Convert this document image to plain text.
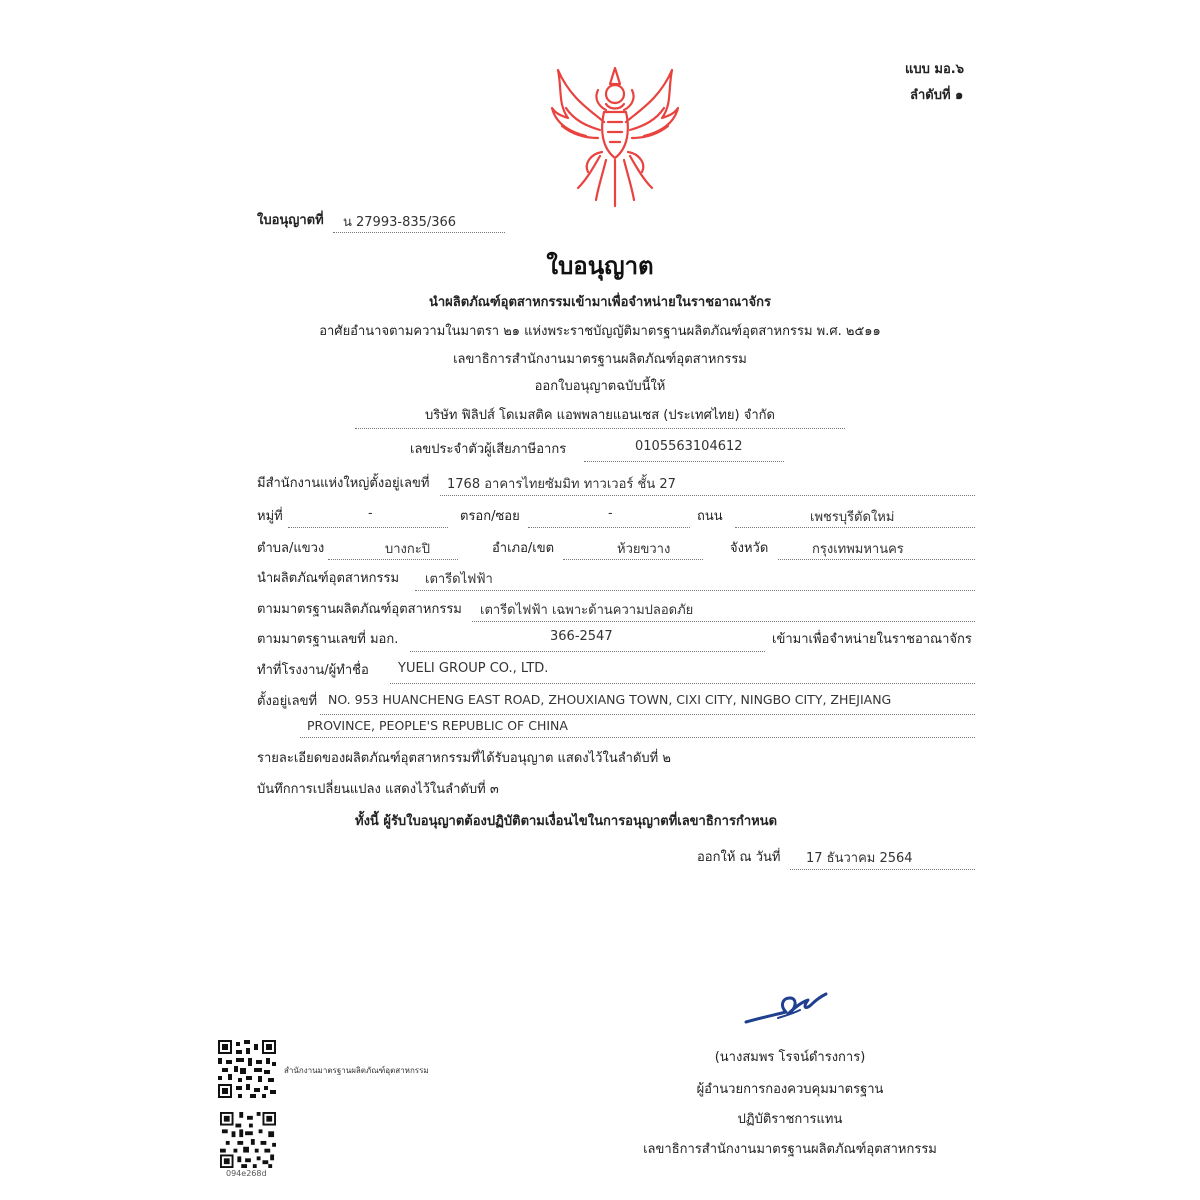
แบบ มอ.๖
ลำดับที่ ๑
ใบอนุญาตที่ น 27993-835/366
ใบอนุญาต
นำผลิตภัณฑ์อุตสาหกรรมเข้ามาเพื่อจำหน่ายในราชอาณาจักร
อาศัยอำนาจตามความในมาตรา ๒๑ แห่งพระราชบัญญัติมาตรฐานผลิตภัณฑ์อุตสาหกรรม พ.ศ. ๒๕๑๑
เลขาธิการสำนักงานมาตรฐานผลิตภัณฑ์อุตสาหกรรม
ออกใบอนุญาตฉบับนี้ให้
บริษัท ฟิลิปส์ โดเมสติค แอพพลายแอนเซส (ประเทศไทย) จำกัด
เลขประจำตัวผู้เสียภาษีอากร	0105563104612
มีสำนักงานแห่งใหญ่ตั้งอยู่เลขที่ 1768 อาคารไทยซัมมิท ทาวเวอร์ ชั้น 27
หมู่ที่	-	ตรอก/ซอย	-	ถนน	เพชรบุรีตัดใหม่
ตำบล/แขวง	บางกะปิ	อำเภอ/เขต	ห้วยขวาง	จังหวัด	กรุงเทพมหานคร
นำผลิตภัณฑ์อุตสาหกรรม เตารีดไฟฟ้า
ตามมาตรฐานผลิตภัณฑ์อุตสาหกรรม เตารีดไฟฟ้า เฉพาะด้านความปลอดภัย
ตามมาตรฐานเลขที่ มอก.	366-2547	เข้ามาเพื่อจำหน่ายในราชอาณาจักร
ทำที่โรงงาน/ผู้ทำชื่อ YUELI GROUP CO., LTD.
ตั้งอยู่เลขที่ NO. 953 HUANCHENG EAST ROAD, ZHOUXIANG TOWN, CIXI CITY, NINGBO CITY, ZHEJIANG
PROVINCE, PEOPLE'S REPUBLIC OF CHINA
รายละเอียดของผลิตภัณฑ์อุตสาหกรรมที่ได้รับอนุญาต แสดงไว้ในลำดับที่ ๒
บันทึกการเปลี่ยนแปลง แสดงไว้ในลำดับที่ ๓
ทั้งนี้ ผู้รับใบอนุญาตต้องปฏิบัติตามเงื่อนไขในการอนุญาตที่เลขาธิการกำหนด
ออกให้ ณ วันที่ 17 ธันวาคม 2564
(นางสมพร โรจน์ดำรงการ)
ผู้อำนวยการกองควบคุมมาตรฐาน
ปฏิบัติราชการแทน
เลขาธิการสำนักงานมาตรฐานผลิตภัณฑ์อุตสาหกรรม
สำนักงานมาตรฐานผลิตภัณฑ์อุตสาหกรรม
094e268d
